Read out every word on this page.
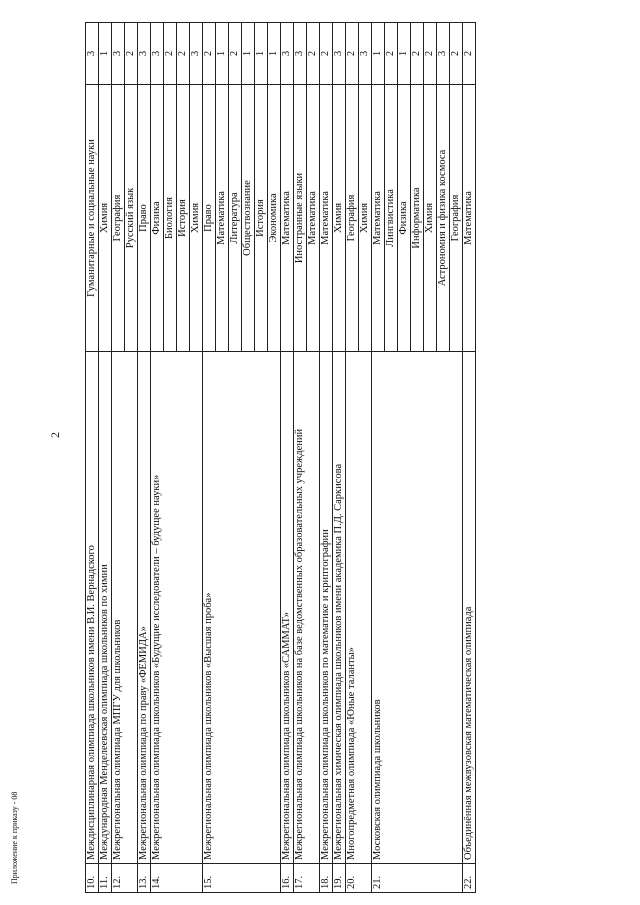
2
10.	Междисциплинарная олимпиада школьников имени В.И. Вернадского	Гуманитарные и социальные науки	3
11.	Международная Менделеевская олимпиада школьников по химии	Химия	1
12.	Межрегиональная олимпиада МПГУ для школьников	География	3
		Русский язык	2
13.	Межрегиональная олимпиада по праву «ФЕМИДА»	Право	3
14.	Межрегиональная олимпиада школьников «Будущие исследователи – будущее науки»	Физика	3
		Биология	2
		История	2
		Химия	3
15.	Межрегиональная олимпиада школьников «Высшая проба»	Право	2
		Математика	1
		Литература	2
		Обществознание	1
		История	1
		Экономика	1
16.	Межрегиональная олимпиада школьников «САММАТ»	Математика	3
17.	Межрегиональная олимпиада школьников на базе ведомственных образовательных учреждений	Иностранные языки	3
		Математика	2
18.	Межрегиональная олимпиада школьников по математике и криптографии	Математика	2
19.	Межрегиональная химическая олимпиада школьников имени академика П.Д. Саркисова	Химия	3
20.	Многопредметная олимпиада «Юные таланты»	География	2
		Химия	3
21.	Московская олимпиада школьников	Математика	1
		Лингвистика	2
		Физика	1
		Информатика	2
		Химия	2
		Астрономия и физика космоса	3
		География	2
22.	Объединённая межвузовская математическая олимпиада	Математика	2
Приложение к приказу - 08
